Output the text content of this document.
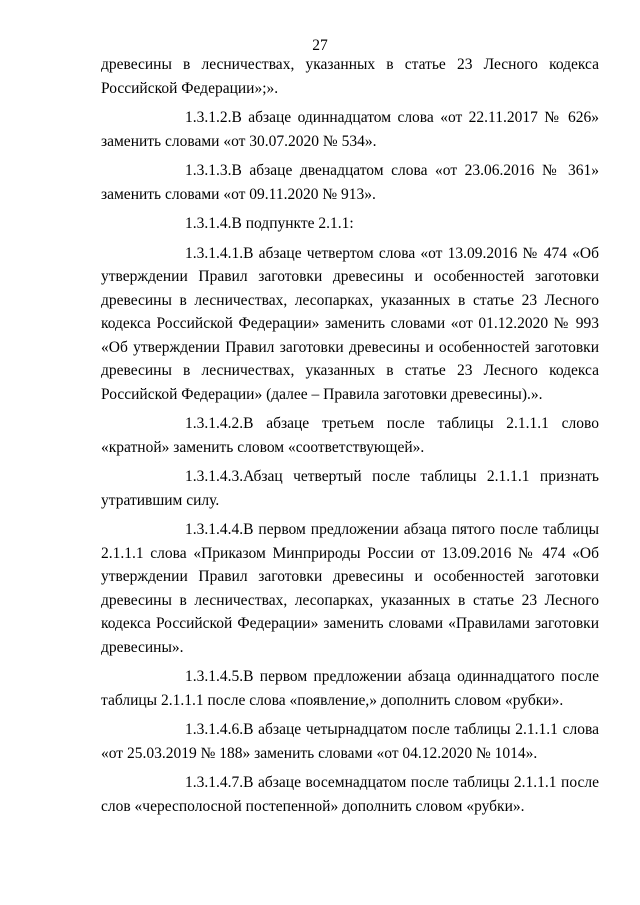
27

древесины в лесничествах, указанных в статье 23 Лесного кодекса Российской Федерации»;».

1.3.1.2.В абзаце одиннадцатом слова «от 22.11.2017 № 626» заменить словами «от 30.07.2020 № 534».

1.3.1.3.В абзаце двенадцатом слова «от 23.06.2016 № 361» заменить словами «от 09.11.2020 № 913».

1.3.1.4.В подпункте 2.1.1:

1.3.1.4.1.В абзаце четвертом слова «от 13.09.2016 № 474 «Об утверждении Правил заготовки древесины и особенностей заготовки древесины в лесничествах, лесопарках, указанных в статье 23 Лесного кодекса Российской Федерации» заменить словами «от 01.12.2020 № 993 «Об утверждении Правил заготовки древесины и особенностей заготовки древесины в лесничествах, указанных в статье 23 Лесного кодекса Российской Федерации» (далее – Правила заготовки древесины).».

1.3.1.4.2.В абзаце третьем после таблицы 2.1.1.1 слово «кратной» заменить словом «соответствующей».

1.3.1.4.3.Абзац четвертый после таблицы 2.1.1.1 признать утратившим силу.

1.3.1.4.4.В первом предложении абзаца пятого после таблицы 2.1.1.1 слова «Приказом Минприроды России от 13.09.2016 № 474 «Об утверждении Правил заготовки древесины и особенностей заготовки древесины в лесничествах, лесопарках, указанных в статье 23 Лесного кодекса Российской Федерации» заменить словами «Правилами заготовки древесины».

1.3.1.4.5.В первом предложении абзаца одиннадцатого после таблицы 2.1.1.1 после слова «появление,» дополнить словом «рубки».

1.3.1.4.6.В абзаце четырнадцатом после таблицы 2.1.1.1 слова «от 25.03.2019 № 188» заменить словами «от 04.12.2020 № 1014».

1.3.1.4.7.В абзаце восемнадцатом после таблицы 2.1.1.1 после слов «чересполосной постепенной» дополнить словом «рубки».
